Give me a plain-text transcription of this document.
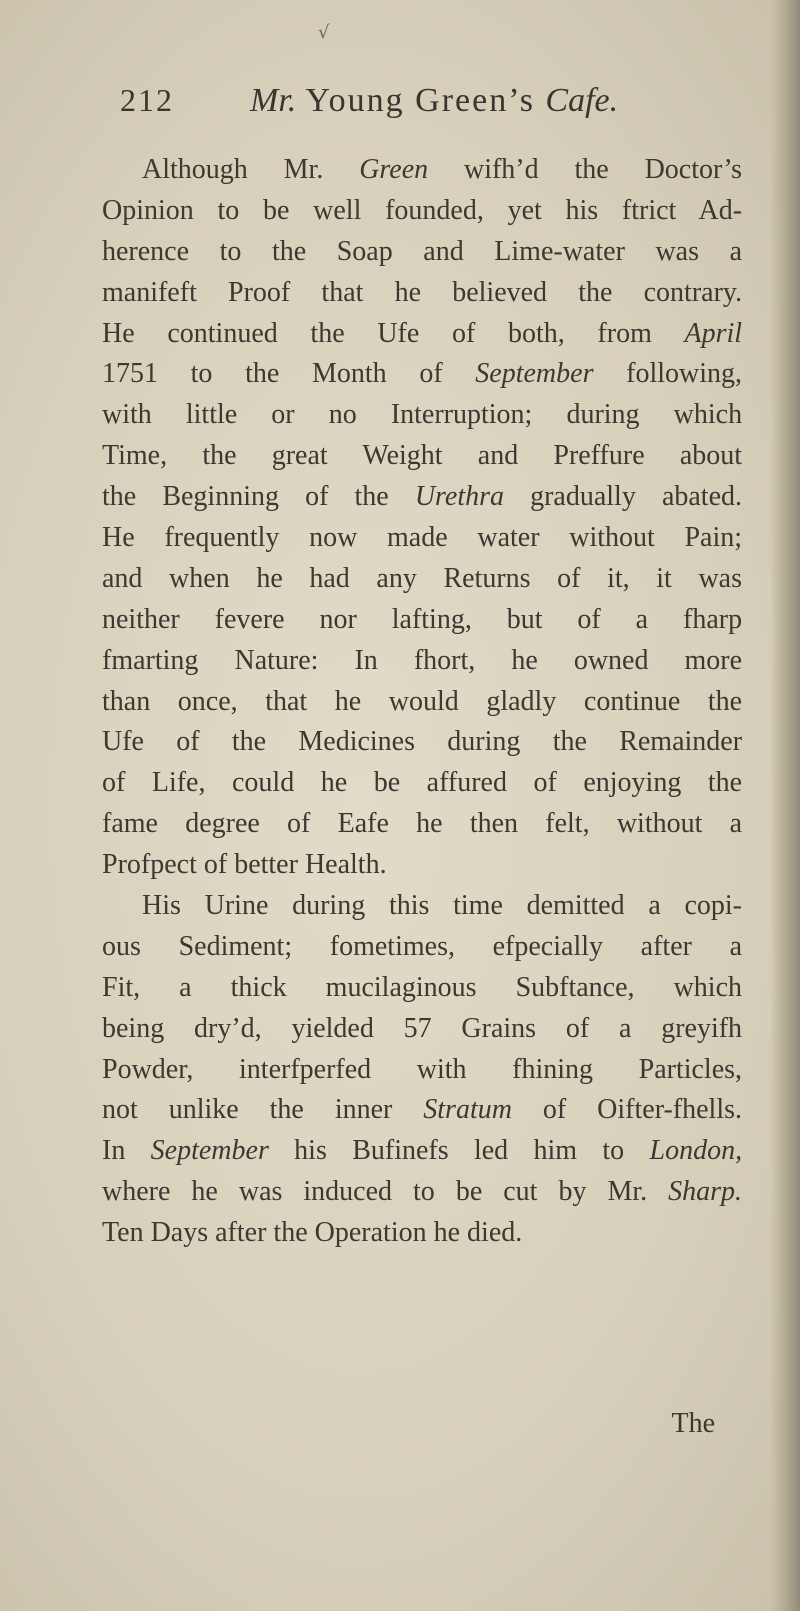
√
212 Mr. Young Green’s Cafe.
Although Mr. Green wifh’d the Doctor’s
Opinion to be well founded, yet his ftrict Ad-
herence to the Soap and Lime-water was a
manifeft Proof that he believed the contrary.
He continued the Ufe of both, from April
1751 to the Month of September following,
with little or no Interruption; during which
Time, the great Weight and Preffure about
the Beginning of the Urethra gradually abated.
He frequently now made water without Pain;
and when he had any Returns of it, it was
neither fevere nor lafting, but of a fharp
fmarting Nature: In fhort, he owned more
than once, that he would gladly continue the
Ufe of the Medicines during the Remainder
of Life, could he be affured of enjoying the
fame degree of Eafe he then felt, without a
Profpect of better Health.
His Urine during this time demitted a copi-
ous Sediment; fometimes, efpecially after a
Fit, a thick mucilaginous Subftance, which
being dry’d, yielded 57 Grains of a greyifh
Powder, interfperfed with fhining Particles,
not unlike the inner Stratum of Oifter-fhells.
In September his Bufinefs led him to London,
where he was induced to be cut by Mr. Sharp.
Ten Days after the Operation he died.
The
